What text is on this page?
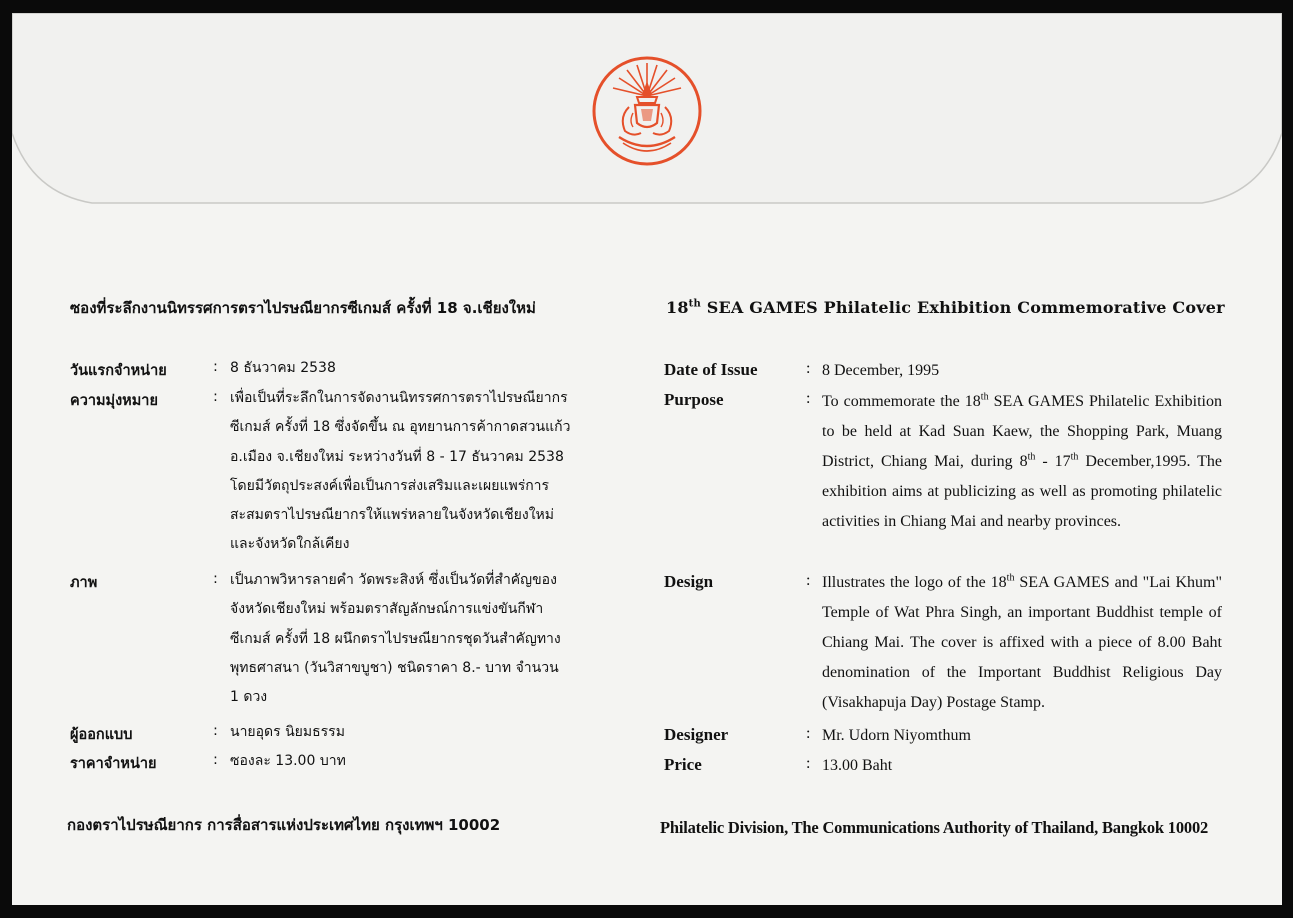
ซองที่ระลึกงานนิทรรศการตราไปรษณียากรซีเกมส์ ครั้งที่ 18 จ.เชียงใหม่
วันแรกจำหน่าย	: 8 ธันวาคม 2538
ความมุ่งหมาย	: เพื่อเป็นที่ระลึกในการจัดงานนิทรรศการตราไปรษณียากร
ซีเกมส์ ครั้งที่ 18 ซึ่งจัดขึ้น ณ อุทยานการค้ากาดสวนแก้ว
อ.เมือง จ.เชียงใหม่ ระหว่างวันที่ 8 - 17 ธันวาคม 2538
โดยมีวัตถุประสงค์เพื่อเป็นการส่งเสริมและเผยแพร่การ
สะสมตราไปรษณียากรให้แพร่หลายในจังหวัดเชียงใหม่
และจังหวัดใกล้เคียง
ภาพ	: เป็นภาพวิหารลายคำ วัดพระสิงห์ ซึ่งเป็นวัดที่สำคัญของ
จังหวัดเชียงใหม่ พร้อมตราสัญลักษณ์การแข่งขันกีฬา
ซีเกมส์ ครั้งที่ 18 ผนึกตราไปรษณียากรชุดวันสำคัญทาง
พุทธศาสนา (วันวิสาขบูชา) ชนิดราคา 8.- บาท จำนวน
1 ดวง
ผู้ออกแบบ	: นายอุดร นิยมธรรม
ราคาจำหน่าย	: ซองละ 13.00 บาท
กองตราไปรษณียากร การสื่อสารแห่งประเทศไทย กรุงเทพฯ 10002
18th SEA GAMES Philatelic Exhibition Commemorative Cover
Date of Issue	: 8 December, 1995
Purpose	: To commemorate the 18th SEA GAMES Philatelic Exhibition to be held at Kad Suan Kaew, the Shopping Park, Muang District, Chiang Mai, during 8th - 17th December,1995. The exhibition aims at publicizing as well as promoting philatelic activities in Chiang Mai and nearby provinces.
Design	: Illustrates the logo of the 18th SEA GAMES and "Lai Khum" Temple of Wat Phra Singh, an important Buddhist temple of Chiang Mai. The cover is affixed with a piece of 8.00 Baht denomination of the Important Buddhist Religious Day (Visakhapuja Day) Postage Stamp.
Designer	: Mr. Udorn Niyomthum
Price	: 13.00 Baht
Philatelic Division, The Communications Authority of Thailand, Bangkok 10002
